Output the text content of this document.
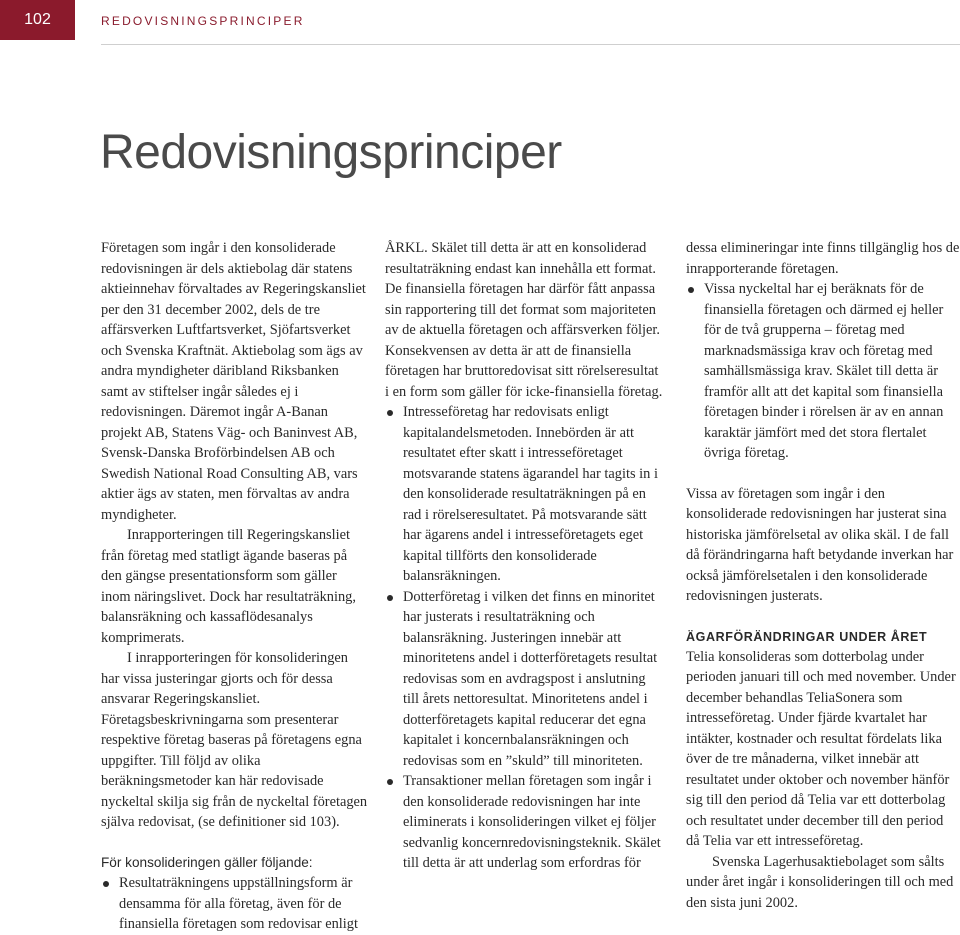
102	REDOVISNINGSPRINCIPER
Redovisningsprinciper

Företagen som ingår i den konsoliderade redovisningen är dels aktiebolag där statens aktieinnehav förvaltades av Regeringskansliet per den 31 december 2002, dels de tre affärsverken Luftfartsverket, Sjöfartsverket och Svenska Kraftnät. Aktiebolag som ägs av andra myndigheter däribland Riksbanken samt av stiftelser ingår således ej i redovisningen. Däremot ingår A-Banan projekt AB, Statens Väg- och Baninvest AB, Svensk-Danska Broförbindelsen AB och Swedish National Road Consulting AB, vars aktier ägs av staten, men förvaltas av andra myndigheter.

Inrapporteringen till Regeringskansliet från företag med statligt ägande baseras på den gängse presentationsform som gäller inom näringslivet. Dock har resultaträkning, balansräkning och kassaflödesanalys komprimerats.

I inrapporteringen för konsolideringen har vissa justeringar gjorts och för dessa ansvarar Regeringskansliet. Företagsbeskrivningarna som presenterar respektive företag baseras på företagens egna uppgifter. Till följd av olika beräkningsmetoder kan här redovisade nyckeltal skilja sig från de nyckeltal företagen själva redovisat, (se definitioner sid 103).

För konsolideringen gäller följande:

Resultaträkningens uppställningsform är densamma för alla företag, även för de finansiella företagen som redovisar enligt

ÅRKL. Skälet till detta är att en konsoliderad resultaträkning endast kan innehålla ett format. De finansiella företagen har därför fått anpassa sin rapportering till det format som majoriteten av de aktuella företagen och affärsverken följer. Konsekvensen av detta är att de finansiella företagen har bruttoredovisat sitt rörelseresultat i en form som gäller för icke-finansiella företag.

Intresseföretag har redovisats enligt kapitalandelsmetoden. Innebörden är att resultatet efter skatt i intresseföretaget motsvarande statens ägarandel har tagits in i den konsoliderade resultaträkningen på en rad i rörelseresultatet. På motsvarande sätt har ägarens andel i intresseföretagets eget kapital tillförts den konsoliderade balansräkningen.

Dotterföretag i vilken det finns en minoritet har justerats i resultaträkning och balansräkning. Justeringen innebär att minoritetens andel i dotterföretagets resultat redovisas som en avdragspost i anslutning till årets nettoresultat. Minoritetens andel i dotterföretagets kapital reducerar det egna kapitalet i koncernbalansräkningen och redovisas som en ”skuld” till minoriteten.

Transaktioner mellan företagen som ingår i den konsoliderade redovisningen har inte eliminerats i konsolideringen vilket ej följer sedvanlig koncernredovisningsteknik. Skälet till detta är att underlag som erfordras för

dessa elimineringar inte finns tillgänglig hos de inrapporterande företagen.

Vissa nyckeltal har ej beräknats för de finansiella företagen och därmed ej heller för de två grupperna – företag med marknadsmässiga krav och företag med samhällsmässiga krav. Skälet till detta är framför allt att det kapital som finansiella företagen binder i rörelsen är av en annan karaktär jämfört med det stora flertalet övriga företag.

Vissa av företagen som ingår i den konsoliderade redovisningen har justerat sina historiska jämförelsetal av olika skäl. I de fall då förändringarna haft betydande inverkan har också jämförelsetalen i den konsoliderade redovisningen justerats.

ÄGARFÖRÄNDRINGAR UNDER ÅRET

Telia konsolideras som dotterbolag under perioden januari till och med november. Under december behandlas TeliaSonera som intresseföretag. Under fjärde kvartalet har intäkter, kostnader och resultat fördelats lika över de tre månaderna, vilket innebär att resultatet under oktober och november hänför sig till den period då Telia var ett dotterbolag och resultatet under december till den period då Telia var ett intresseföretag.

Svenska Lagerhusaktiebolaget som sålts under året ingår i konsolideringen till och med den sista juni 2002.
